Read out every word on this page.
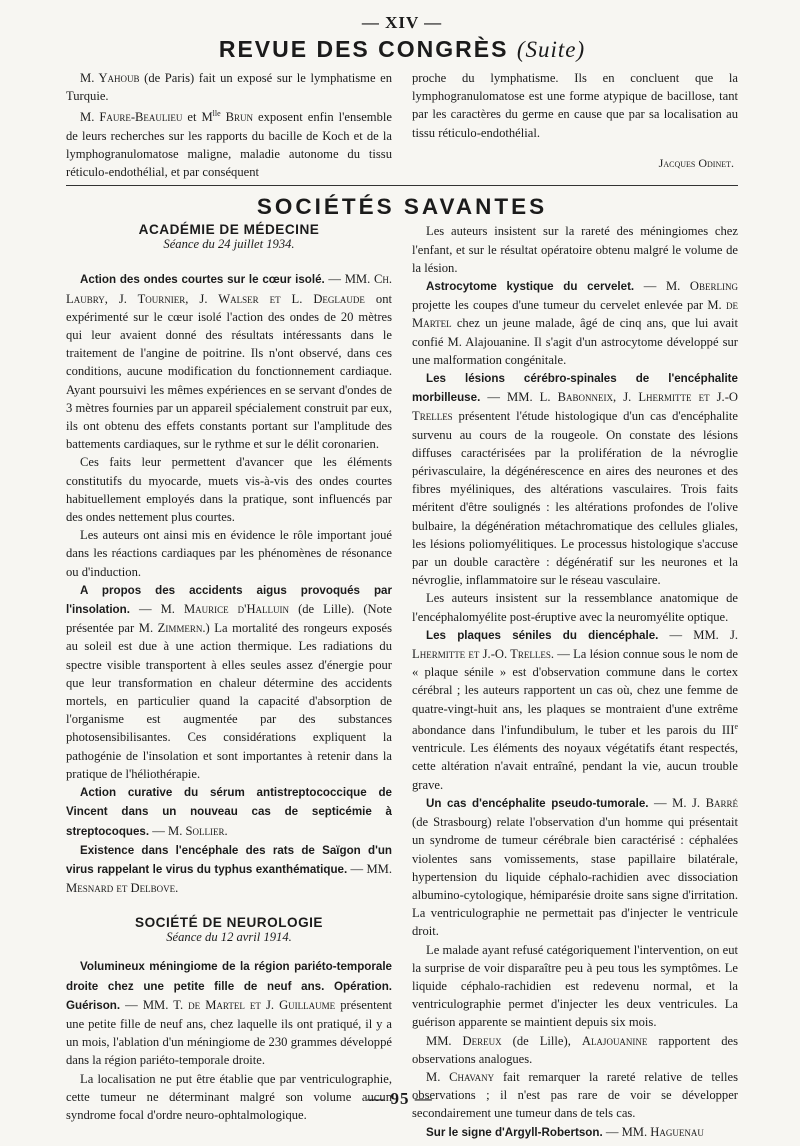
— XIV —
REVUE DES CONGRÈS (Suite)

M. Yahoub (de Paris) fait un exposé sur le lymphatisme en Turquie.

M. Faure-Beaulieu et $M^{lle}$ Brun exposent enfin l'ensemble de leurs recherches sur les rapports du bacille de Koch et de la lymphogranulomatose maligne, maladie autonome du tissu réticulo-endothélial, et par conséquent

proche du lymphatisme. Ils en concluent que la lymphogranulomatose est une forme atypique de bacillose, tant par les caractères du germe en cause que par sa localisation au tissu réticulo-endothélial.

Jacques Odinet.
SOCIÉTÉS SAVANTES
ACADÉMIE DE MÉDECINE
Séance du 24 juillet 1934.

Action des ondes courtes sur le cœur isolé. — MM. Ch. Laubry, J. Tournier, J. Walser et L. Deglaude ont expérimenté sur le cœur isolé l'action des ondes de 20 mètres qui leur avaient donné des résultats intéressants dans le traitement de l'angine de poitrine. Ils n'ont observé, dans ces conditions, aucune modification du fonctionnement cardiaque. Ayant poursuivi les mêmes expériences en se servant d'ondes de 3 mètres fournies par un appareil spécialement construit par eux, ils ont obtenu des effets constants portant sur l'amplitude des battements cardiaques, sur le rythme et sur le délit coronarien.

Ces faits leur permettent d'avancer que les éléments constitutifs du myocarde, muets vis-à-vis des ondes courtes habituellement employés dans la pratique, sont influencés par des ondes nettement plus courtes.

Les auteurs ont ainsi mis en évidence le rôle important joué dans les réactions cardiaques par les phénomènes de résonance ou d'induction.

A propos des accidents aigus provoqués par l'insolation. — M. Maurice d'Halluin (de Lille). (Note présentée par M. Zimmern.) La mortalité des rongeurs exposés au soleil est due à une action thermique. Les radiations du spectre visible transportent à elles seules assez d'énergie pour que leur transformation en chaleur détermine des accidents mortels, en particulier quand la capacité d'absorption de l'organisme est augmentée par des substances photosensibilisantes. Ces considérations expliquent la pathogénie de l'insolation et sont importantes à retenir dans la pratique de l'héliothérapie.

Action curative du sérum antistreptococcique de Vincent dans un nouveau cas de septicémie à streptocoques. — M. Sollier.

Existence dans l'encéphale des rats de Saïgon d'un virus rappelant le virus du typhus exanthématique. — MM. Mesnard et Delbove.

SOCIÉTÉ DE NEUROLOGIE
Séance du 12 avril 1914.

Volumineux méningiome de la région pariéto-temporale droite chez une petite fille de neuf ans. Opération. Guérison. — MM. T. de Martel et J. Guillaume présentent une petite fille de neuf ans, chez laquelle ils ont pratiqué, il y a un mois, l'ablation d'un méningiome de 230 grammes développé dans la région pariéto-temporale droite.

La localisation ne put être établie que par ventriculographie, cette tumeur ne déterminant malgré son volume aucun syndrome focal d'ordre neuro-ophtalmologique.

Les auteurs insistent sur la rareté des méningiomes chez l'enfant, et sur le résultat opératoire obtenu malgré le volume de la lésion.

Astrocytome kystique du cervelet. — M. Oberling projette les coupes d'une tumeur du cervelet enlevée par M. de Martel chez un jeune malade, âgé de cinq ans, que lui avait confié M. Alajouanine. Il s'agit d'un astrocytome développé sur une malformation congénitale.

Les lésions cérébro-spinales de l'encéphalite morbilleuse. — MM. L. Babonneix, J. Lhermitte et J.-O Trelles présentent l'étude histologique d'un cas d'encéphalite survenu au cours de la rougeole. On constate des lésions diffuses caractérisées par la prolifération de la névroglie périvasculaire, la dégénérescence en aires des neurones et des fibres myéliniques, des altérations vasculaires. Trois faits méritent d'être soulignés : les altérations profondes de l'olive bulbaire, la dégénération métachromatique des cellules gliales, les lésions poliomyélitiques. Le processus histologique s'accuse par un double caractère : dégénératif sur les neurones et la névroglie, inflammatoire sur le réseau vasculaire.

Les auteurs insistent sur la ressemblance anatomique de l'encéphalomyélite post-éruptive avec la neuromyélite optique.

Les plaques séniles du diencéphale. — MM. J. Lhermitte et J.-O. Trelles. — La lésion connue sous le nom de « plaque sénile » est d'observation commune dans le cortex cérébral ; les auteurs rapportent un cas où, chez une femme de quatre-vingt-huit ans, les plaques se montraient d'une extrême abondance dans l'infundibulum, le tuber et les parois du IIIe ventricule. Les éléments des noyaux végétatifs étant respectés, cette altération n'avait entraîné, pendant la vie, aucun trouble grave.

Un cas d'encéphalite pseudo-tumorale. — M. J. Barré (de Strasbourg) relate l'observation d'un homme qui présentait un syndrome de tumeur cérébrale bien caractérisé : céphalées violentes sans vomissements, stase papillaire bilatérale, hypertension du liquide céphalo-rachidien avec dissociation albumino-cytologique, hémiparésie droite sans signe d'irritation. La ventriculographie ne permettait pas d'injecter le ventricule droit.

Le malade ayant refusé catégoriquement l'intervention, on eut la surprise de voir disparaître peu à peu tous les symptômes. Le liquide céphalo-rachidien est redevenu normal, et la ventriculographie permet d'injecter les deux ventricules. La guérison apparente se maintient depuis six mois.

MM. Dereux (de Lille), Alajouanine rapportent des observations analogues.

M. Chavany fait remarquer la rareté relative de telles observations ; il n'est pas rare de voir se développer secondairement une tumeur dans de tels cas.

Sur le signe d'Argyll-Robertson. — MM. Haguenau

— 95 —
